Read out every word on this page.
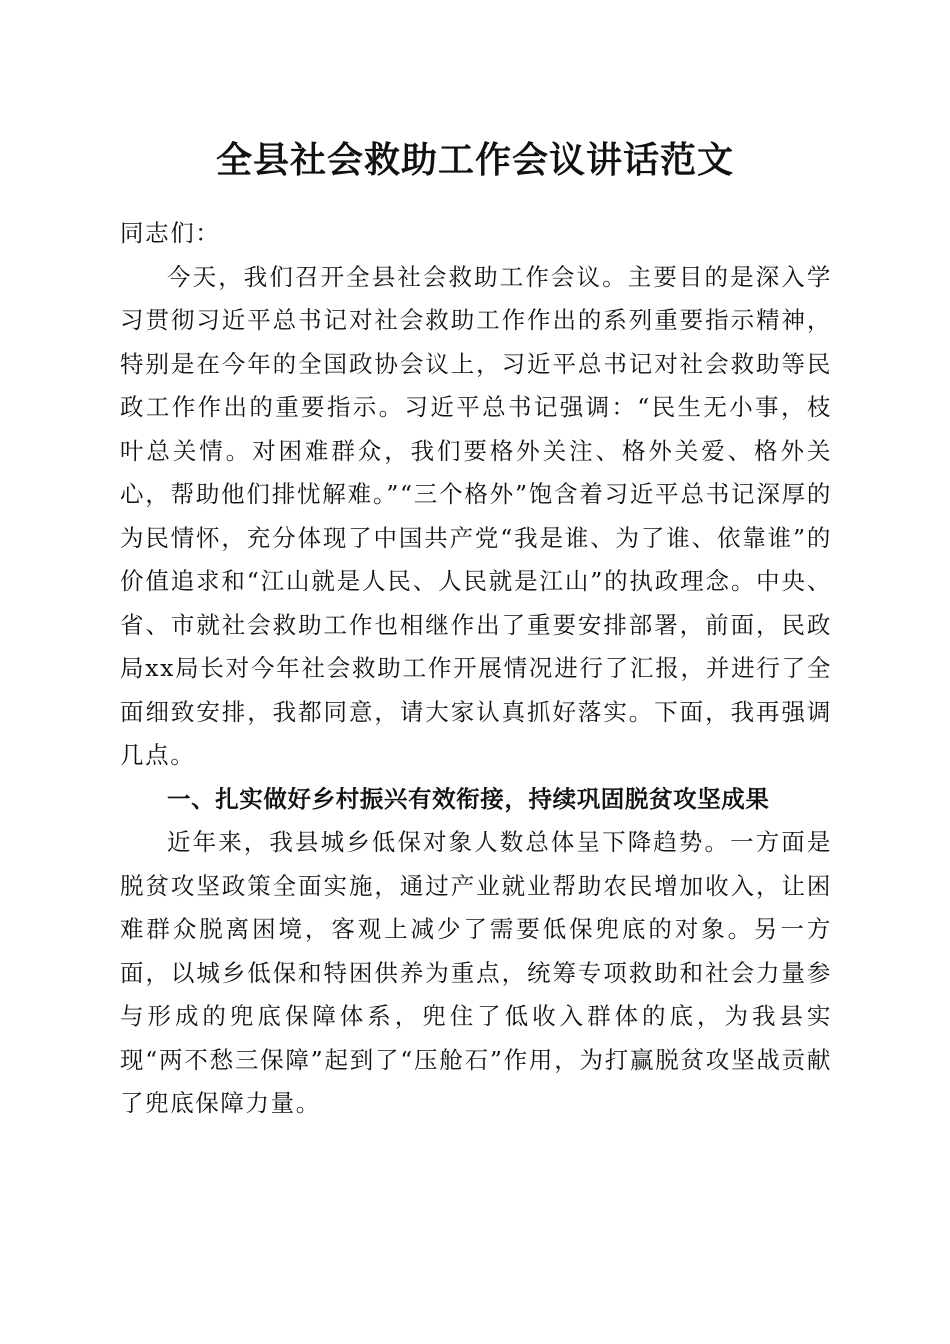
全县社会救助工作会议讲话范文

同志们：

今天，我们召开全县社会救助工作会议。主要目的是深入学习贯彻习近平总书记对社会救助工作作出的系列重要指示精神，特别是在今年的全国政协会议上，习近平总书记对社会救助等民政工作作出的重要指示。习近平总书记强调：“民生无小事，枝叶总关情。对困难群众，我们要格外关注、格外关爱、格外关心，帮助他们排忧解难。”“三个格外”饱含着习近平总书记深厚的为民情怀，充分体现了中国共产党“我是谁、为了谁、依靠谁”的价值追求和“江山就是人民、人民就是江山”的执政理念。中央、省、市就社会救助工作也相继作出了重要安排部署，前面，民政局xx局长对今年社会救助工作开展情况进行了汇报，并进行了全面细致安排，我都同意，请大家认真抓好落实。下面，我再强调几点。

一、扎实做好乡村振兴有效衔接，持续巩固脱贫攻坚成果

近年来，我县城乡低保对象人数总体呈下降趋势。一方面是脱贫攻坚政策全面实施，通过产业就业帮助农民增加收入，让困难群众脱离困境，客观上减少了需要低保兜底的对象。另一方面，以城乡低保和特困供养为重点，统筹专项救助和社会力量参与形成的兜底保障体系，兜住了低收入群体的底，为我县实现“两不愁三保障”起到了“压舱石”作用，为打赢脱贫攻坚战贡献了兜底保障力量。
